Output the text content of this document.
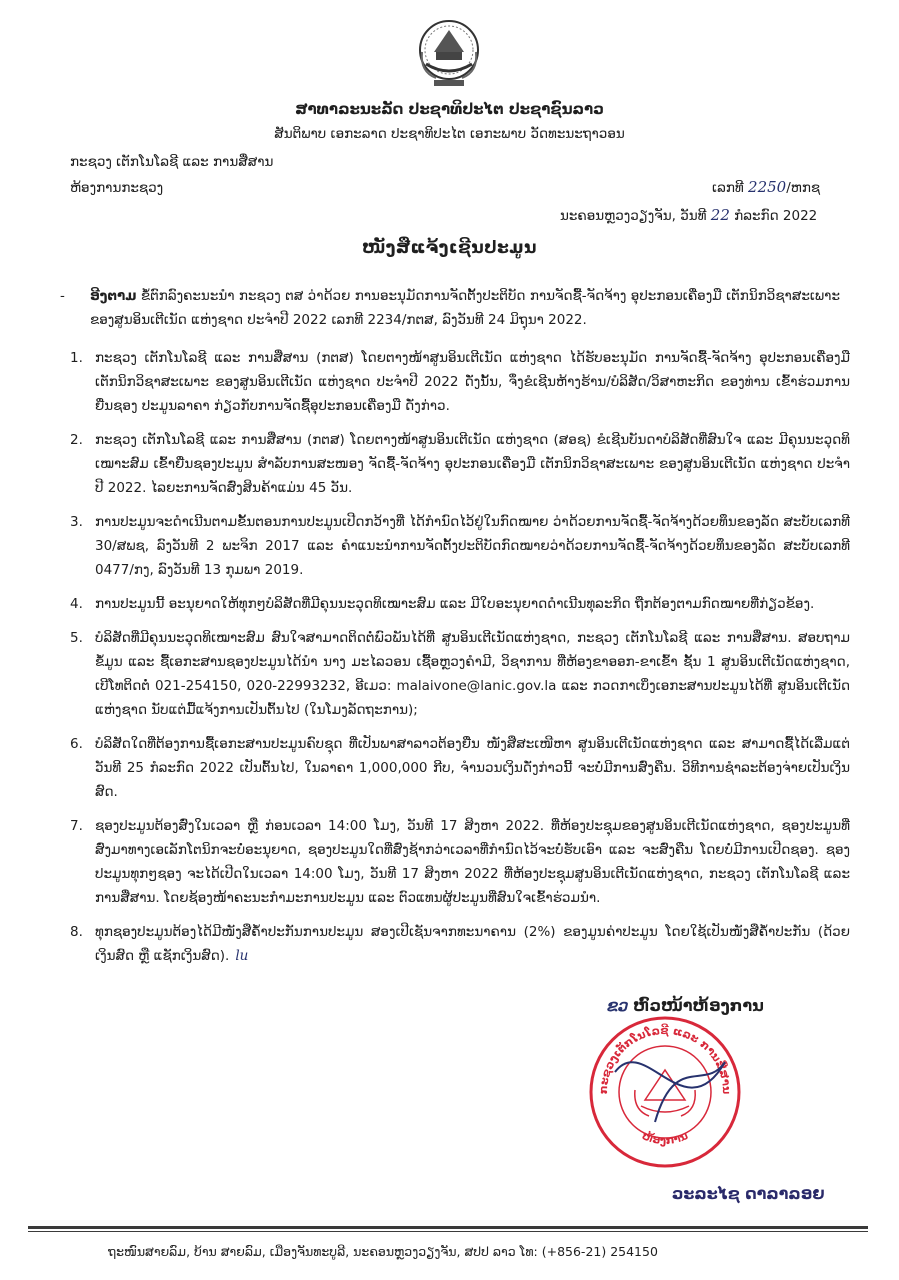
ສາທາລະນະລັດ ປະຊາທິປະໄຕ ປະຊາຊົນລາວ
ສັນຕິພາບ ເອກະລາດ ປະຊາທິປະໄຕ ເອກະພາບ ວັດທະນະຖາວອນ
ກະຊວງ ເຕັກໂນໂລຊີ ແລະ ການສື່ສານ
ຫ້ອງການກະຊວງ	ເລກທີ 2250/ຫກຊ
ນະຄອນຫຼວງວຽງຈັນ, ວັນທີ 22 ກໍລະກົດ 2022
ໜັງສືແຈ້ງເຊີນປະມູນ
-	ອີງຕາມ ຂໍ້ຕົກລົງຄະນະນໍາ ກະຊວງ ຕສ ວ່າດ້ວຍ ການອະນຸມັດການຈັດຕັ້ງປະຕິບັດ ການຈັດຊື້-ຈັດຈ້າງ ອຸປະກອນເຄື່ອງມື ເຕັກນິກວິຊາສະເພາະ ຂອງສູນອິນເຕີເນັດ ແຫ່ງຊາດ ປະຈໍາປີ 2022 ເລກທີ 2234/ກຕສ, ລົງວັນທີ 24 ມິຖຸນາ 2022.
1. ກະຊວງ ເຕັກໂນໂລຊີ ແລະ ການສື່ສານ (ກຕສ) ໂດຍຕາງໜ້າສູນອິນເຕີເນັດ ແຫ່ງຊາດ ໄດ້ຮັບອະນຸມັດ ການຈັດຊື້-ຈັດຈ້າງ ອຸປະກອນເຄື່ອງມື ເຕັກນິກວິຊາສະເພາະ ຂອງສູນອິນເຕີເນັດ ແຫ່ງຊາດ ປະຈໍາປີ 2022 ດັ່ງນັ້ນ, ຈຶ່ງຂໍເຊີນຫ້າງຮ້ານ/ບໍລິສັດ/ວິສາຫະກິດ ຂອງທ່ານ ເຂົ້າຮ່ວມການຍື່ນຊອງ ປະມູນລາຄາ ກ່ຽວກັບການຈັດຊື້ອຸປະກອນເຄື່ອງມື ດັ່ງກ່າວ.
2. ກະຊວງ ເຕັກໂນໂລຊີ ແລະ ການສື່ສານ (ກຕສ) ໂດຍຕາງໜ້າສູນອິນເຕີເນັດ ແຫ່ງຊາດ (ສອຊ) ຂໍເຊີນບັນດາບໍລິສັດທີ່ສົນໃຈ ແລະ ມີຄຸນນະວຸດທິເໝາະສົມ ເຂົ້າຍື່ນຊອງປະມູນ ສໍາລັບການສະໜອງ ຈັດຊື້-ຈັດຈ້າງ ອຸປະກອນເຄື່ອງມື ເຕັກນິກວິຊາສະເພາະ ຂອງສູນອິນເຕີເນັດ ແຫ່ງຊາດ ປະຈໍາປີ 2022. ໄລຍະການຈັດສົ່ງສິນຄ້າແມ່ນ 45 ວັນ.
3. ການປະມູນຈະດໍາເນີນຕາມຂັ້ນຕອນການປະມູນເປີດກວ້າງທີ່ ໄດ້ກໍານົດໄວ້ຢູ່ໃນກົດໝາຍ ວ່າດ້ວຍການຈັດຊື້-ຈັດຈ້າງດ້ວຍທຶນຂອງລັດ ສະບັບເລກທີ 30/ສພຊ, ລົງວັນທີ 2 ພະຈິກ 2017 ແລະ ຄໍາແນະນໍາການຈັດຕັ້ງປະຕິບັດກົດໝາຍວ່າດ້ວຍການຈັດຊື້-ຈັດຈ້າງດ້ວຍທຶນຂອງລັດ ສະບັບເລກທີ 0477/ກງ, ລົງວັນທີ 13 ກຸມພາ 2019.
4. ການປະມູນນີ້ ອະນຸຍາດໃຫ້ທຸກໆບໍລິສັດທີ່ມີຄຸນນະວຸດທິເໝາະສົມ ແລະ ມີໃບອະນຸຍາດດໍາເນີນທຸລະກິດ ຖືກຕ້ອງຕາມກົດໝາຍທີ່ກ່ຽວຂ້ອງ.
5. ບໍລິສັດທີ່ມີຄຸນນະວຸດທິເໝາະສົມ ສົນໃຈສາມາດຕິດຕໍ່ພົວພັນໄດ້ທີ່ ສູນອິນເຕີເນັດແຫ່ງຊາດ, ກະຊວງ ເຕັກໂນໂລຊີ ແລະ ການສື່ສານ. ສອບຖາມຂໍ້ມູນ ແລະ ຊື້ເອກະສານຊອງປະມູນໄດ້ນໍາ ນາງ ມະໄລວອນ ເຊື້ອຫຼວງຄໍາມີ, ວິຊາການ ທີ່ຫ້ອງຂາອອກ-ຂາເຂົ້າ ຊັ້ນ 1 ສູນອິນເຕີເນັດແຫ່ງຊາດ, ເບີໂທຕິດຕໍ່ 021-254150, 020-22993232, ອີເມວ: malaivone@lanic.gov.la ແລະ ກວດກາເບິ່ງເອກະສານປະມູນໄດ້ທີ່ ສູນອິນເຕີເນັດ ແຫ່ງຊາດ ນັບແຕ່ມື້ແຈ້ງການເປັນຕົ້ນໄປ (ໃນໂມງລັດຖະການ);
6. ບໍລິສັດໃດທີ່ຕ້ອງການຊື້ເອກະສານປະມູນຄົບຊຸດ ທີ່ເປັນພາສາລາວຕ້ອງຍື່ນ ໜັງສືສະເໜີຫາ ສູນອິນເຕີເນັດແຫ່ງຊາດ ແລະ ສາມາດຊື້ໄດ້ເລີ່ມແຕ່ວັນທີ 25 ກໍລະກົດ 2022 ເປັນຕົ້ນໄປ, ໃນລາຄາ 1,000,000 ກີບ, ຈໍານວນເງິນດັ່ງກ່າວນີ້ ຈະບໍ່ມີການສົ່ງຄືນ. ວິທີການຊໍາລະຕ້ອງຈ່າຍເປັນເງິນສົດ.
7. ຊອງປະມູນຕ້ອງສົ່ງໃນເວລາ ຫຼື ກ່ອນເວລາ 14:00 ໂມງ, ວັນທີ 17 ສິງຫາ 2022. ທີ່ຫ້ອງປະຊຸມຂອງສູນອິນເຕີເນັດແຫ່ງຊາດ, ຊອງປະມູນທີ່ສົ່ງມາທາງເອເລັກໂຕນິກຈະບໍ່ອະນຸຍາດ, ຊອງປະມູນໃດທີ່ສົ່ງຊ້າກວ່າເວລາທີ່ກໍານົດໄວ້ຈະບໍ່ຮັບເອົາ ແລະ ຈະສົ່ງຄືນ ໂດຍບໍ່ມີການເປີດຊອງ. ຊອງປະມູນທຸກໆຊອງ ຈະໄດ້ເປີດໃນເວລາ 14:00 ໂມງ, ວັນທີ 17 ສິງຫາ 2022 ທີ່ຫ້ອງປະຊຸມສູນອິນເຕີເນັດແຫ່ງຊາດ, ກະຊວງ ເຕັກໂນໂລຊີ ແລະ ການສື່ສານ. ໂດຍຊ້ອງໜ້າຄະນະກໍາມະການປະມູນ ແລະ ຕົວແທນຜູ້ປະມູນທີ່ສົນໃຈເຂົ້າຮ່ວມນໍາ.
8. ທຸກຊອງປະມູນຕ້ອງໄດ້ມີໜັງສືຄໍ້າປະກັນການປະມູນ ສອງເປີເຊັນຈາກທະນາຄານ (2%) ຂອງມູນຄ່າປະມູນ ໂດຍໃຊ້ເປັນໜັງສືຄໍ້າປະກັນ (ດ້ວຍເງິນສົດ ຫຼື ແຊັກເງິນສົດ). lu
ຂວ ຫົວໜ້າຫ້ອງການ
ກະຊວງເຕັກໂນໂລຊີ ແລະ ການສື່ສານ
ຫ້ອງການ
ວະລະໄຊ ດາລາລອຍ
ຖະໜົນສາຍລົມ, ບ້ານ ສາຍລົມ, ເມືອງຈັນທະບູລີ, ນະຄອນຫຼວງວຽງຈັນ, ສປປ ລາວ ໂທ: (+856-21) 254150
